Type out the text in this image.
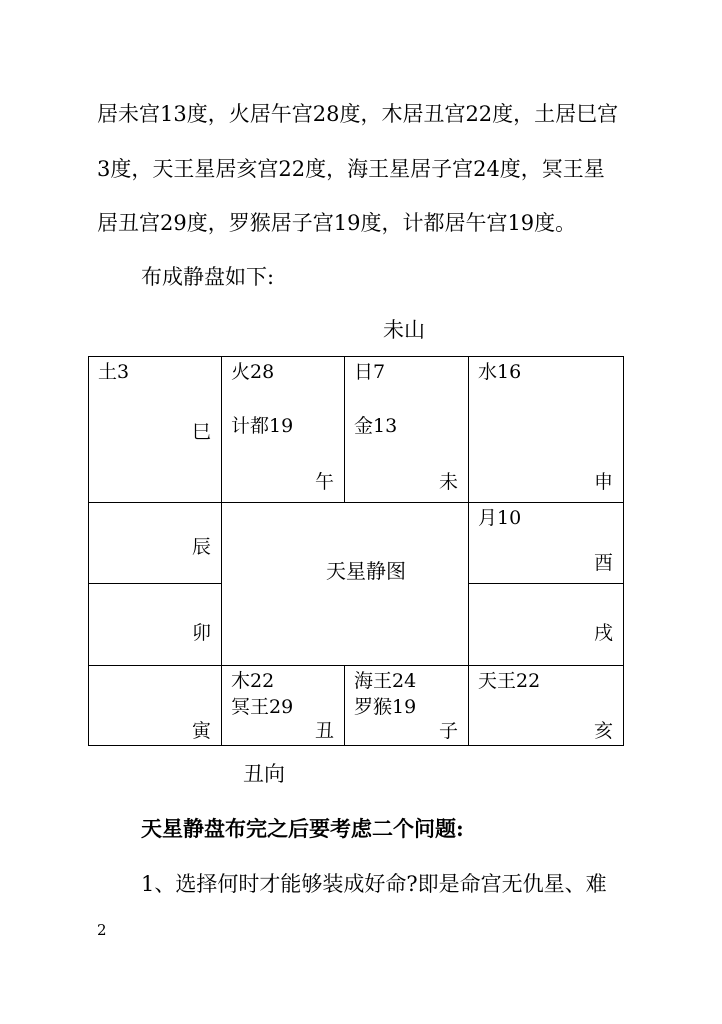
居未宫13度，火居午宫28度，木居丑宫22度，土居巳宫
3度，天王星居亥宫22度，海王星居子宫24度，冥王星
居丑宫29度，罗猴居子宫19度，计都居午宫19度。
布成静盘如下:
未山
土3
巳
火28

计都19
午
日7

金13
未
水16
申
辰
卯
天星静图
月10
酉
戌
寅
木22
冥王29
丑
海王24
罗猴19
子
天王22
亥
丑向
天星静盘布完之后要考虑二个问题:
1、选择何时才能够装成好命?即是命宫无仇星、难
2
